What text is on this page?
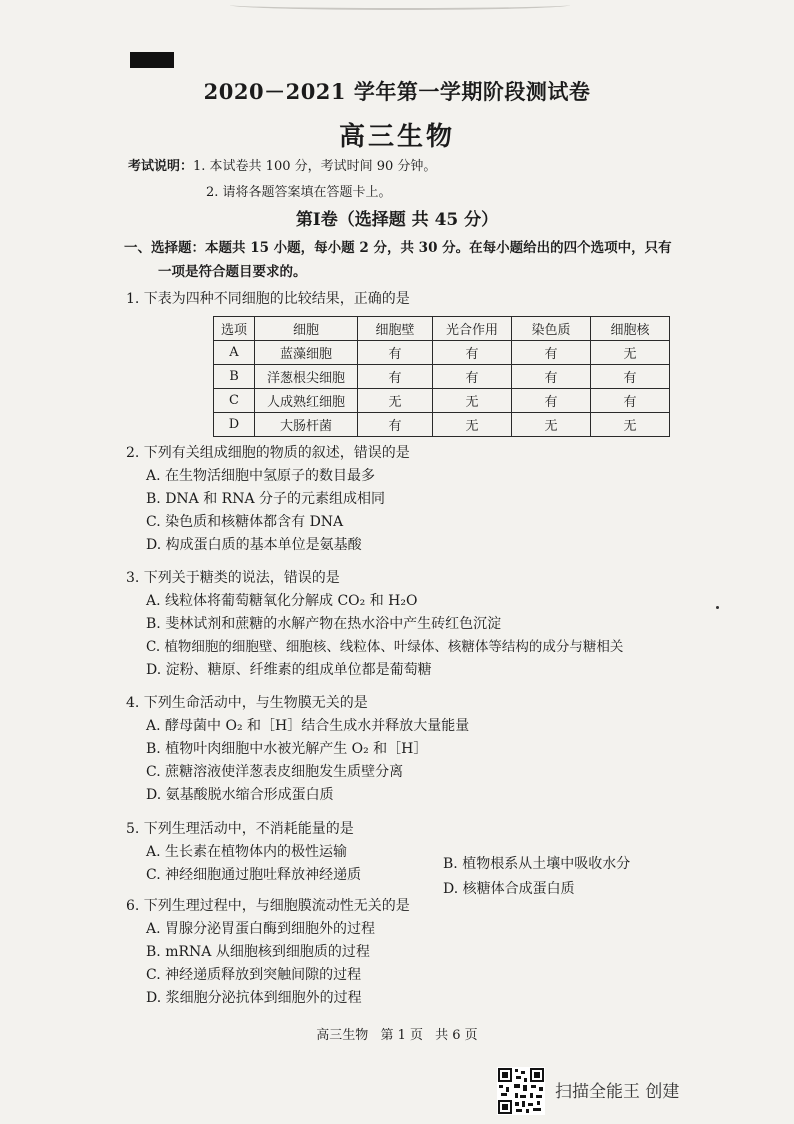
2020－2021 学年第一学期阶段测试卷
高三生物
考试说明：1. 本试卷共 100 分，考试时间 90 分钟。
2. 请将各题答案填在答题卡上。
第Ⅰ卷（选择题 共 45 分）
一、选择题：本题共 15 小题，每小题 2 分，共 30 分。在每小题给出的四个选项中，只有
一项是符合题目要求的。
1. 下表为四种不同细胞的比较结果，正确的是
选项	细胞	细胞壁	光合作用	染色质	细胞核
A	蓝藻细胞	有	有	有	无
B	洋葱根尖细胞	有	有	有	有
C	人成熟红细胞	无	无	有	有
D	大肠杆菌	有	无	无	无
2. 下列有关组成细胞的物质的叙述，错误的是
A. 在生物活细胞中氢原子的数目最多
B. DNA 和 RNA 分子的元素组成相同
C. 染色质和核糖体都含有 DNA
D. 构成蛋白质的基本单位是氨基酸
3. 下列关于糖类的说法，错误的是
A. 线粒体将葡萄糖氧化分解成 CO₂ 和 H₂O
B. 斐林试剂和蔗糖的水解产物在热水浴中产生砖红色沉淀
C. 植物细胞的细胞壁、细胞核、线粒体、叶绿体、核糖体等结构的成分与糖相关
D. 淀粉、糖原、纤维素的组成单位都是葡萄糖
4. 下列生命活动中，与生物膜无关的是
A. 酵母菌中 O₂ 和［H］结合生成水并释放大量能量
B. 植物叶肉细胞中水被光解产生 O₂ 和［H］
C. 蔗糖溶液使洋葱表皮细胞发生质壁分离
D. 氨基酸脱水缩合形成蛋白质
5. 下列生理活动中，不消耗能量的是
A. 生长素在植物体内的极性运输
C. 神经细胞通过胞吐释放神经递质
B. 植物根系从土壤中吸收水分
D. 核糖体合成蛋白质
6. 下列生理过程中，与细胞膜流动性无关的是
A. 胃腺分泌胃蛋白酶到细胞外的过程
B. mRNA 从细胞核到细胞质的过程
C. 神经递质释放到突触间隙的过程
D. 浆细胞分泌抗体到细胞外的过程
高三生物 第 1 页 共 6 页
扫描全能王 创建
